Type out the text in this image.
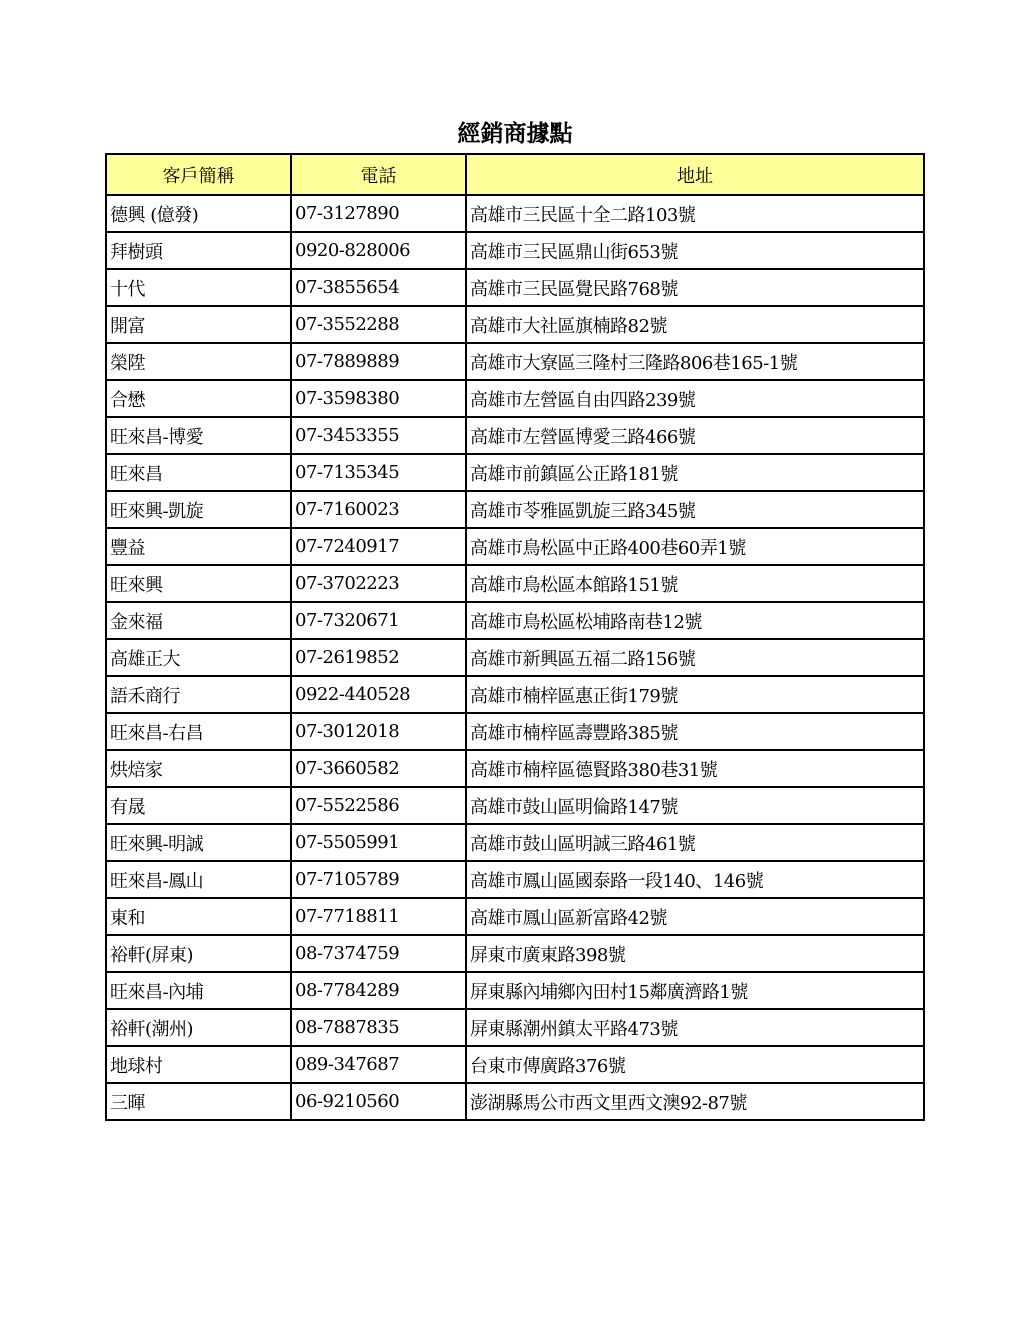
經銷商據點
客戶簡稱	電話	地址
德興 (億發)	07-3127890	高雄市三民區十全二路103號
拜樹頭	0920-828006	高雄市三民區鼎山街653號
十代	07-3855654	高雄市三民區覺民路768號
開富	07-3552288	高雄市大社區旗楠路82號
榮陞	07-7889889	高雄市大寮區三隆村三隆路806巷165-1號
合懋	07-3598380	高雄市左營區自由四路239號
旺來昌-博愛	07-3453355	高雄市左營區博愛三路466號
旺來昌	07-7135345	高雄市前鎮區公正路181號
旺來興-凱旋	07-7160023	高雄市苓雅區凱旋三路345號
豐益	07-7240917	高雄市鳥松區中正路400巷60弄1號
旺來興	07-3702223	高雄市鳥松區本館路151號
金來福	07-7320671	高雄市鳥松區松埔路南巷12號
高雄正大	07-2619852	高雄市新興區五福二路156號
語禾商行	0922-440528	高雄市楠梓區惠正街179號
旺來昌-右昌	07-3012018	高雄市楠梓區壽豐路385號
烘焙家	07-3660582	高雄市楠梓區德賢路380巷31號
有晟	07-5522586	高雄市鼓山區明倫路147號
旺來興-明誠	07-5505991	高雄市鼓山區明誠三路461號
旺來昌-鳳山	07-7105789	高雄市鳳山區國泰路一段140、146號
東和	07-7718811	高雄市鳳山區新富路42號
裕軒(屏東)	08-7374759	屏東市廣東路398號
旺來昌-內埔	08-7784289	屏東縣內埔鄉內田村15鄰廣濟路1號
裕軒(潮州)	08-7887835	屏東縣潮州鎮太平路473號
地球村	089-347687	台東市傳廣路376號
三暉	06-9210560	澎湖縣馬公市西文里西文澳92-87號
